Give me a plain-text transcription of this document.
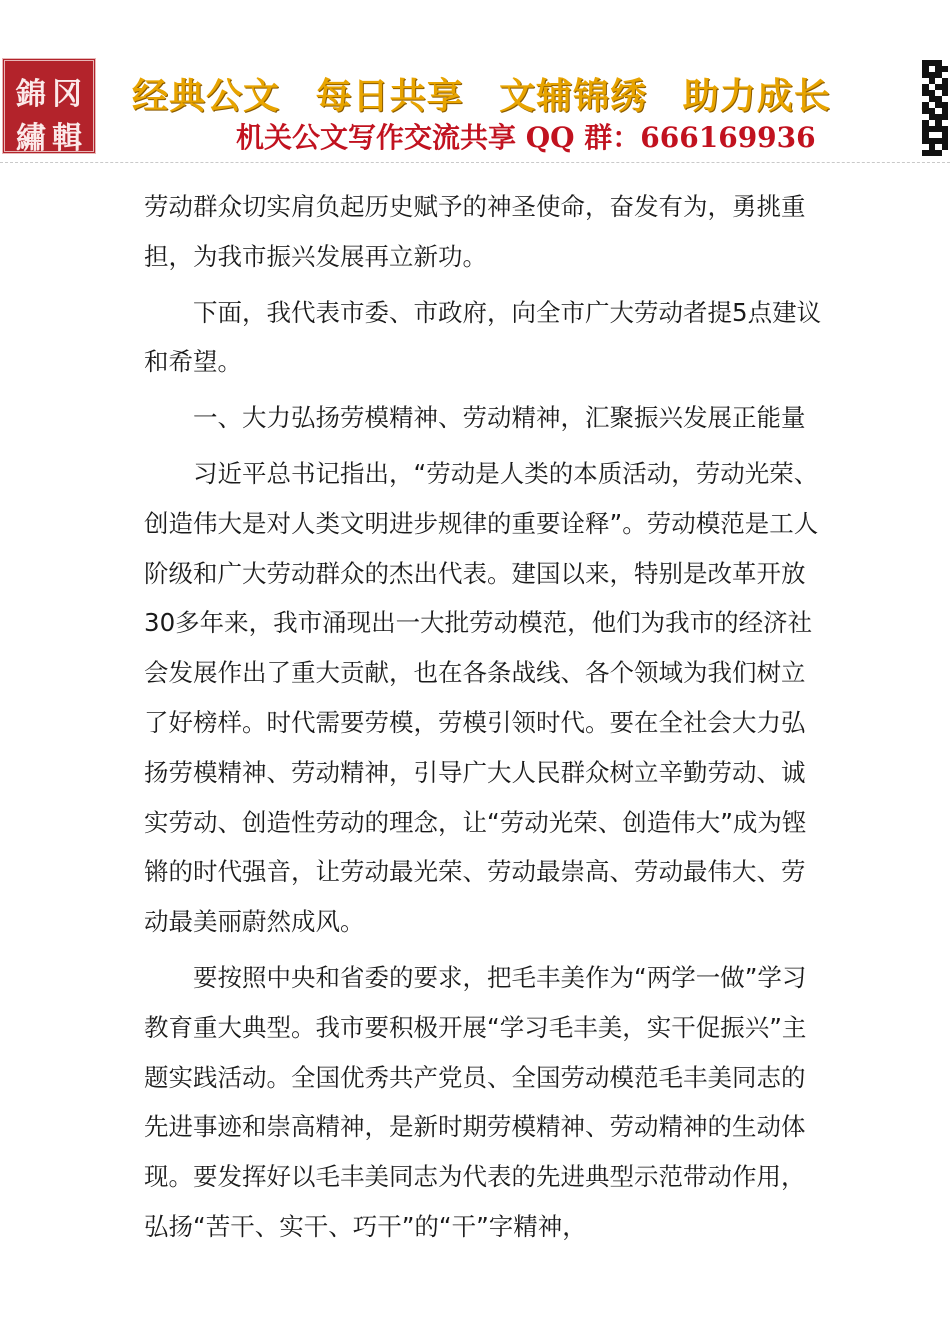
錦 冈
繡 輯
经典公文 每日共享 文辅锦绣 助力成长
机关公文写作交流共享 QQ 群：666169936

劳动群众切实肩负起历史赋予的神圣使命，奋发有为，勇挑重担，为我市振兴发展再立新功。

下面，我代表市委、市政府，向全市广大劳动者提5点建议和希望。

一、大力弘扬劳模精神、劳动精神，汇聚振兴发展正能量

习近平总书记指出，“劳动是人类的本质活动，劳动光荣、创造伟大是对人类文明进步规律的重要诠释”。劳动模范是工人阶级和广大劳动群众的杰出代表。建国以来，特别是改革开放30多年来，我市涌现出一大批劳动模范，他们为我市的经济社会发展作出了重大贡献，也在各条战线、各个领域为我们树立了好榜样。时代需要劳模，劳模引领时代。要在全社会大力弘扬劳模精神、劳动精神，引导广大人民群众树立辛勤劳动、诚实劳动、创造性劳动的理念，让“劳动光荣、创造伟大”成为铿锵的时代强音，让劳动最光荣、劳动最崇高、劳动最伟大、劳动最美丽蔚然成风。

要按照中央和省委的要求，把毛丰美作为“两学一做”学习教育重大典型。我市要积极开展“学习毛丰美，实干促振兴”主题实践活动。全国优秀共产党员、全国劳动模范毛丰美同志的先进事迹和崇高精神，是新时期劳模精神、劳动精神的生动体现。要发挥好以毛丰美同志为代表的先进典型示范带动作用，弘扬“苦干、实干、巧干”的“干”字精神，
